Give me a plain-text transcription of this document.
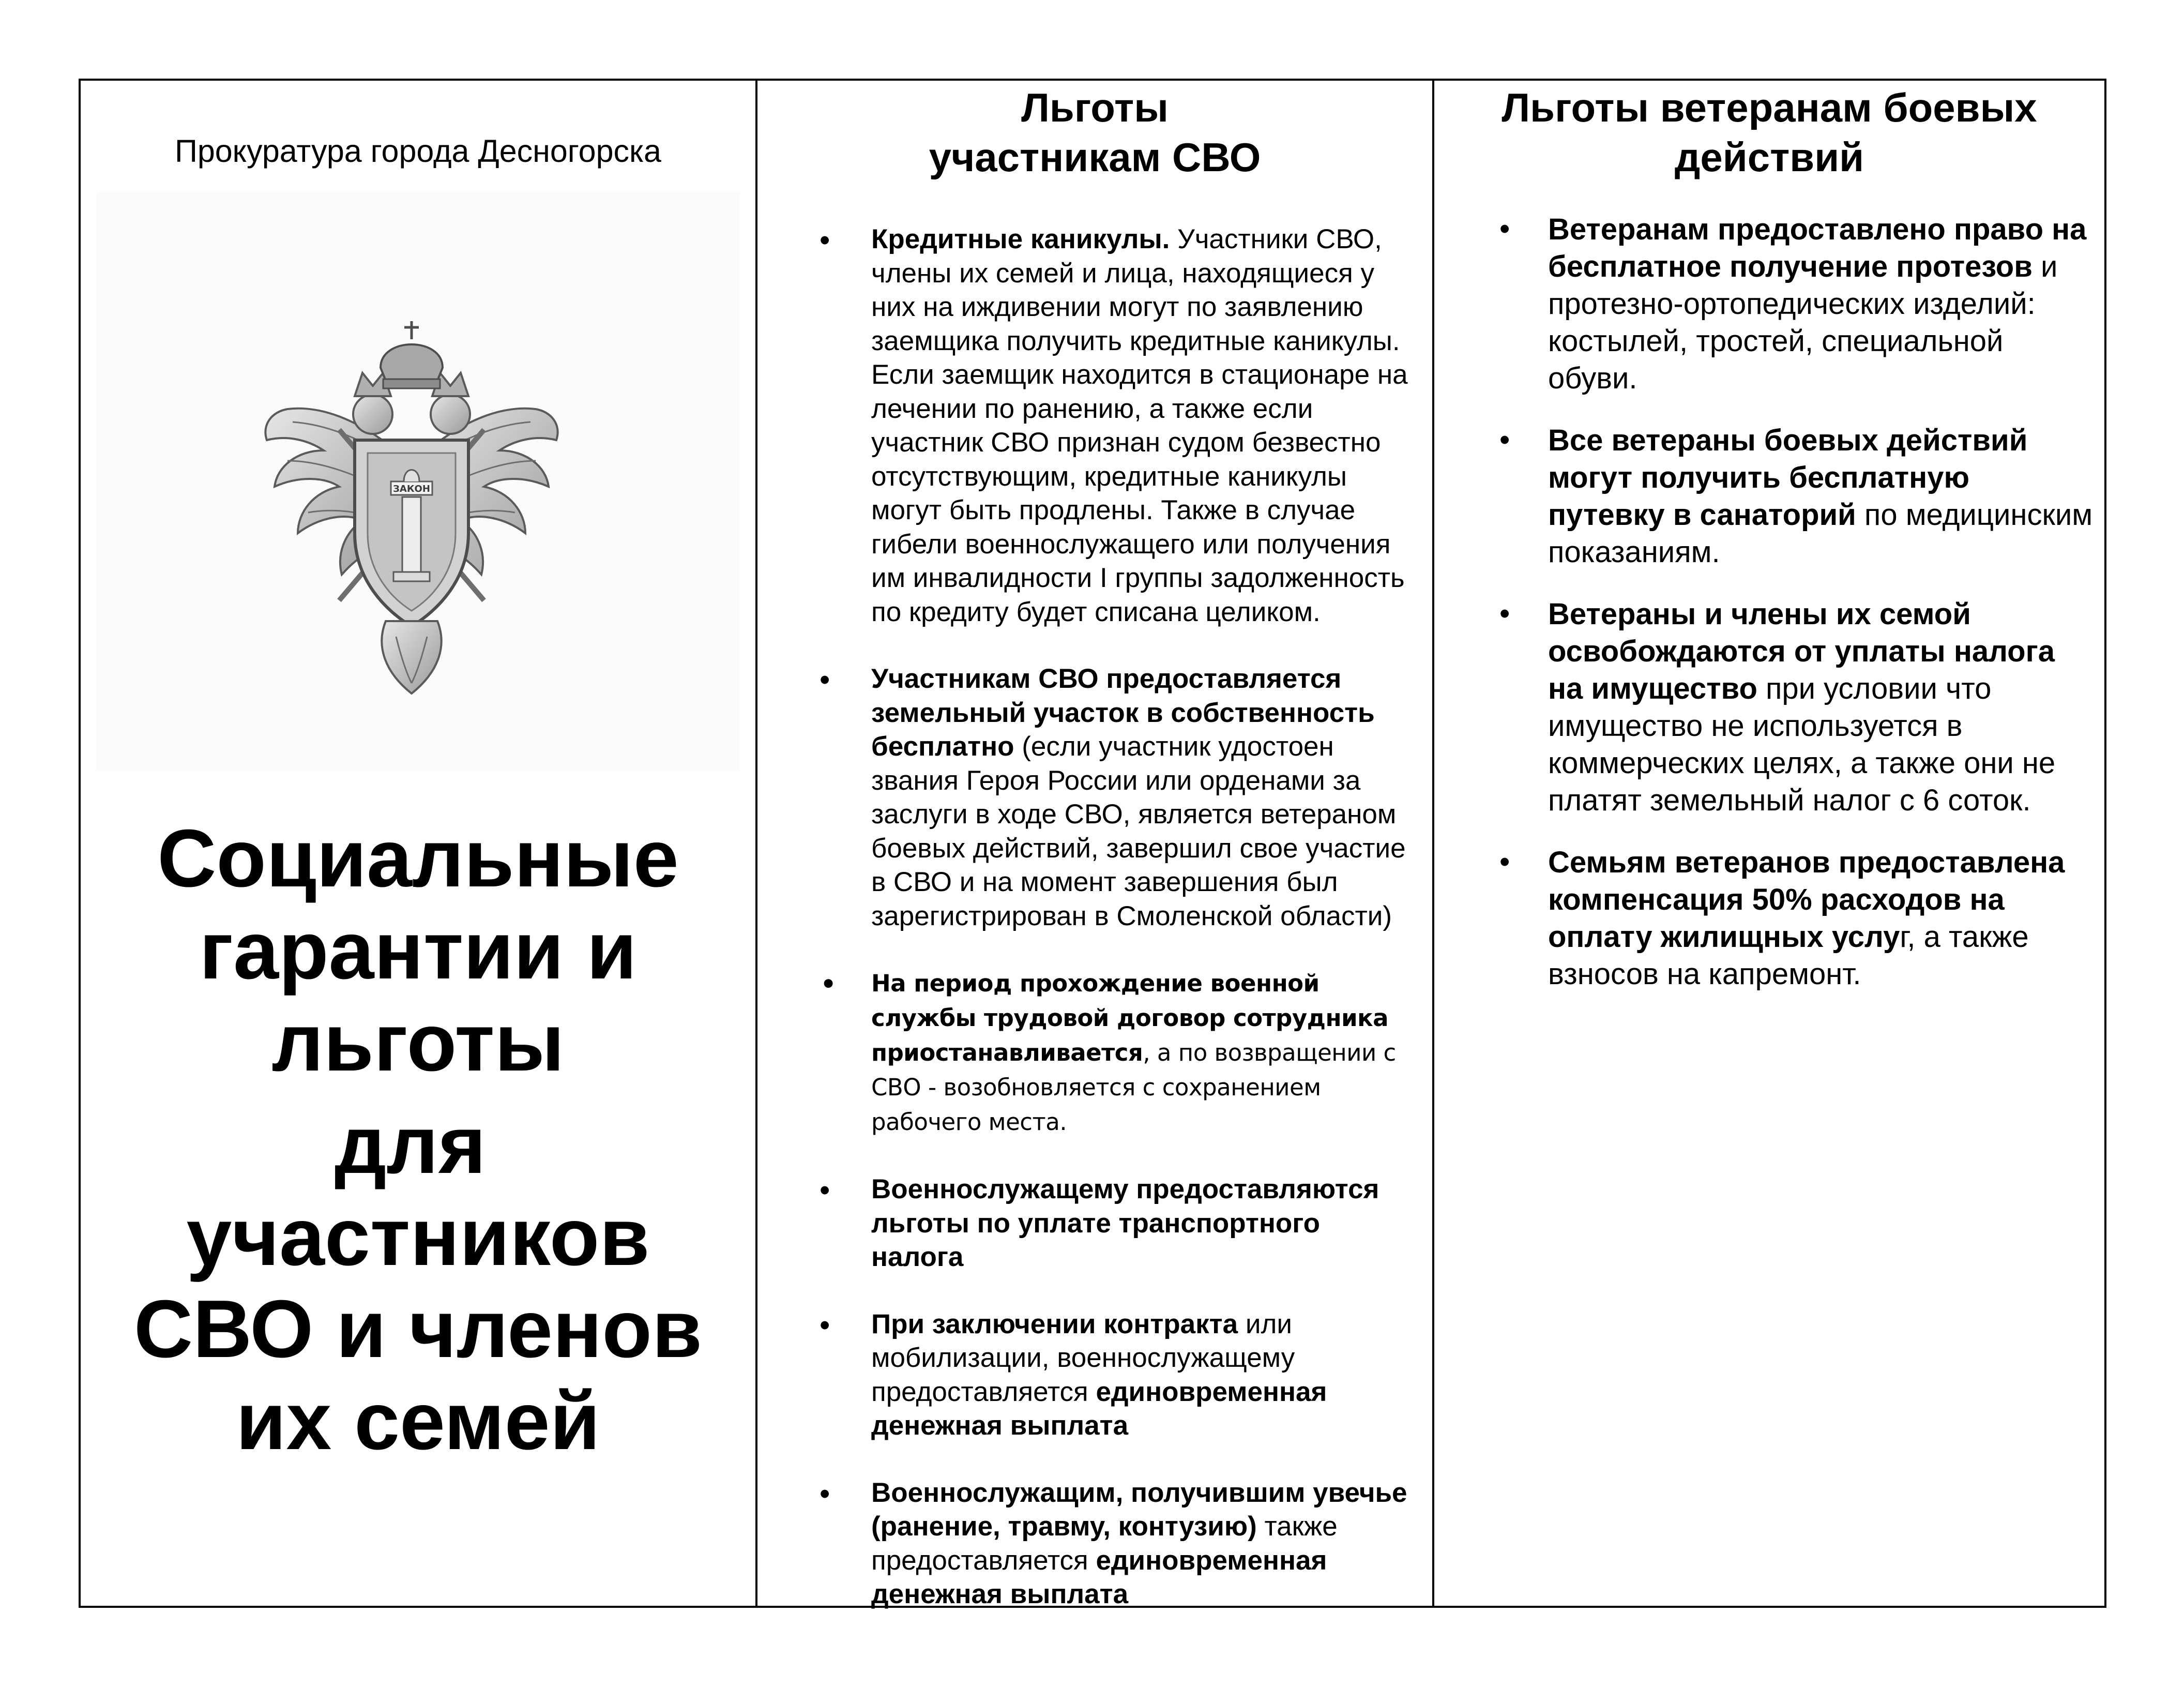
Прокуратура города Десногорска
ЗАКОН
Социальные
гарантии и
льготы
для
участников
СВО и членов
их семей
Льготы
участникам СВО
• Кредитные каникулы. Участники СВО, члены их семей и лица, находящиеся у них на иждивении могут по заявлению заемщика получить кредитные каникулы. Если заемщик находится в стационаре на лечении по ранению, а также если участник СВО признан судом безвестно отсутствующим, кредитные каникулы могут быть продлены. Также в случае гибели военнослужащего или получения им инвалидности I группы задолженность по кредиту будет списана целиком.
• Участникам СВО предоставляется земельный участок в собственность бесплатно (если участник удостоен звания Героя России или орденами за заслуги в ходе СВО, является ветераном боевых действий, завершил свое участие в СВО и на момент завершения был зарегистрирован в Смоленской области)
• На период прохождение военной службы трудовой договор сотрудника приостанавливается, а по возвращении с СВО - возобновляется с сохранением рабочего места.
• Военнослужащему предоставляются льготы по уплате транспортного налога
• При заключении контракта или мобилизации, военнослужащему предоставляется единовременная денежная выплата
• Военнослужащим, получившим увечье (ранение, травму, контузию) также предоставляется единовременная денежная выплата
Льготы ветеранам боевых
действий
• Ветеранам предоставлено право на бесплатное получение протезов и протезно-ортопедических изделий: костылей, тростей, специальной обуви.
• Все ветераны боевых действий могут получить бесплатную путевку в санаторий по медицинским показаниям.
• Ветераны и члены их семой освобождаются от уплаты налога на имущество при условии что имущество не используется в коммерческих целях, а также они не платят земельный налог с 6 соток.
• Семьям ветеранов предоставлена компенсация 50% расходов на оплату жилищных услуг, а также взносов на капремонт.
